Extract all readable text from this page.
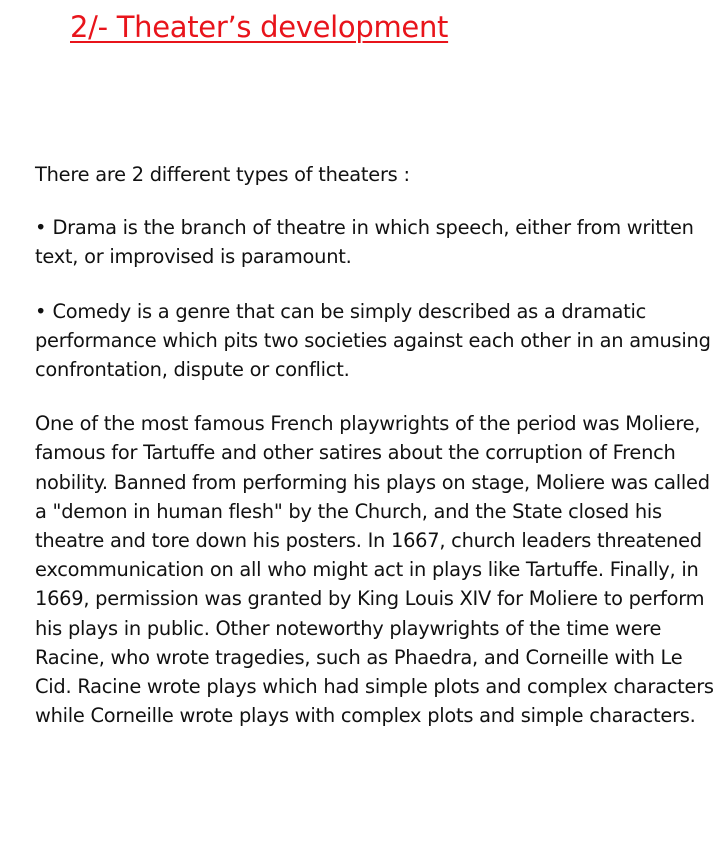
2/- Theater’s development

There are 2 different types of theaters :

• Drama is the branch of theatre in which speech, either from written text, or improvised is paramount.

• Comedy is a genre that can be simply described as a dramatic performance which pits two societies against each other in an amusing confrontation, dispute or conflict.

One of the most famous French playwrights of the period was Moliere, famous for Tartuffe and other satires about the corruption of French nobility. Banned from performing his plays on stage, Moliere was called a "demon in human flesh" by the Church, and the State closed his theatre and tore down his posters. In 1667, church leaders threatened excommunication on all who might act in plays like Tartuffe. Finally, in 1669, permission was granted by King Louis XIV for Moliere to perform his plays in public. Other noteworthy playwrights of the time were Racine, who wrote tragedies, such as Phaedra, and Corneille with Le Cid. Racine wrote plays which had simple plots and complex characters while Corneille wrote plays with complex plots and simple characters.
